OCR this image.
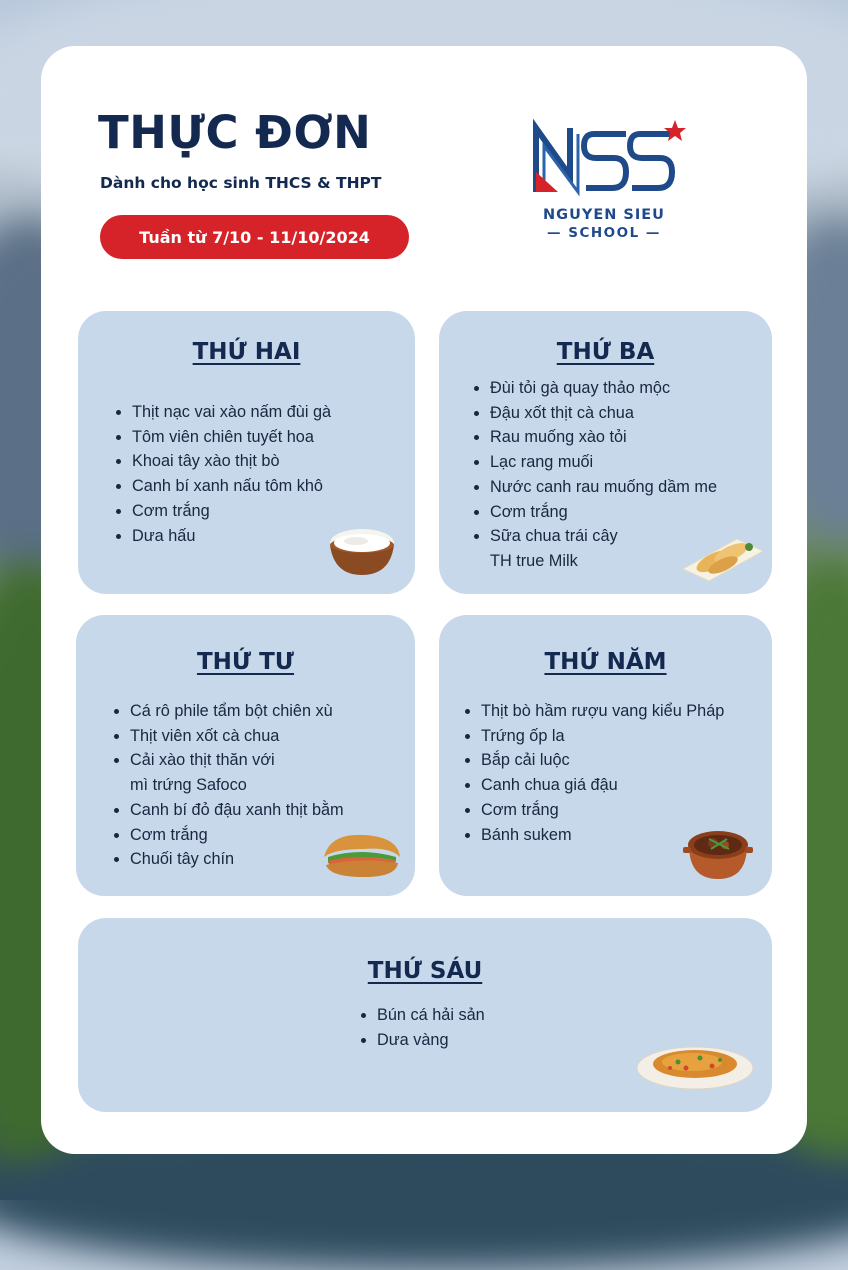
THỰC ĐƠN
Dành cho học sinh THCS & THPT
Tuần từ 7/10 - 11/10/2024
NGUYEN SIEU
— SCHOOL —
THỨ HAI
• Thịt nạc vai xào nấm đùi gà
• Tôm viên chiên tuyết hoa
• Khoai tây xào thịt bò
• Canh bí xanh nấu tôm khô
• Cơm trắng
• Dưa hấu
THỨ BA
• Đùi tỏi gà quay thảo mộc
• Đậu xốt thịt cà chua
• Rau muống xào tỏi
• Lạc rang muối
• Nước canh rau muống dầm me
• Cơm trắng
• Sữa chua trái cây
TH true Milk
THỨ TƯ
• Cá rô phile tẩm bột chiên xù
• Thịt viên xốt cà chua
• Cải xào thịt thăn với
mì trứng Safoco
• Canh bí đỏ đậu xanh thịt bằm
• Cơm trắng
• Chuối tây chín
THỨ NĂM
• Thịt bò hầm rượu vang kiểu Pháp
• Trứng ốp la
• Bắp cải luộc
• Canh chua giá đậu
• Cơm trắng
• Bánh sukem
THỨ SÁU
• Bún cá hải sản
• Dưa vàng
